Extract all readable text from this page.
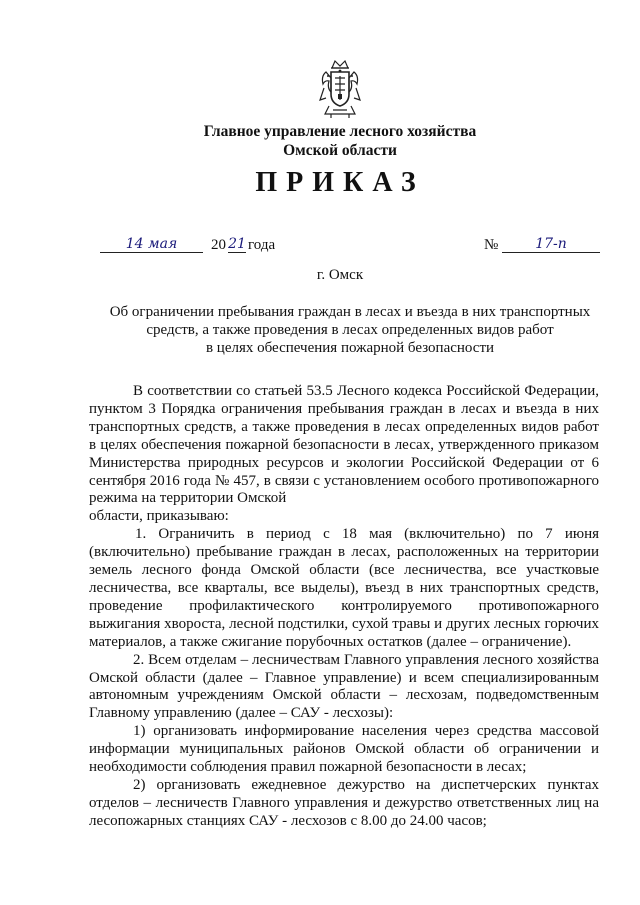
Главное управление лесного хозяйства
Омской области
ПРИКАЗ
14 мая	20 21 года	№	17-п
г. Омск
Об ограничении пребывания граждан в лесах и въезда в них транспортных
средств, а также проведения в лесах определенных видов работ
в целях обеспечения пожарной безопасности

В соответствии со статьей 53.5 Лесного кодекса Российской Федерации, пунктом 3 Порядка ограничения пребывания граждан в лесах и въезда в них транспортных средств, а также проведения в лесах определенных видов работ в целях обеспечения пожарной безопасности в лесах, утвержденного приказом Министерства природных ресурсов и экологии Российской Федерации от 6 сентября 2016 года № 457, в связи с установлением особого противопожарного режима на территории Омской

области, приказываю:

1. Ограничить в период с 18 мая (включительно) по 7 июня (включительно) пребывание граждан в лесах, расположенных на территории земель лесного фонда Омской области (все лесничества, все участковые лесничества, все кварталы, все выделы), въезд в них транспортных средств, проведение профилактического контролируемого противопожарного выжигания хвороста, лесной подстилки, сухой травы и других лесных горючих материалов, а также сжигание порубочных остатков (далее – ограничение).

2. Всем отделам – лесничествам Главного управления лесного хозяйства Омской области (далее – Главное управление) и всем специализированным автономным учреждениям Омской области – лесхозам, подведомственным Главному управлению (далее – САУ - лесхозы):

1) организовать информирование населения через средства массовой информации муниципальных районов Омской области об ограничении и необходимости соблюдения правил пожарной безопасности в лесах;

2) организовать ежедневное дежурство на диспетчерских пунктах отделов – лесничеств Главного управления и дежурство ответственных лиц на лесопожарных станциях САУ - лесхозов с 8.00 до 24.00 часов;
